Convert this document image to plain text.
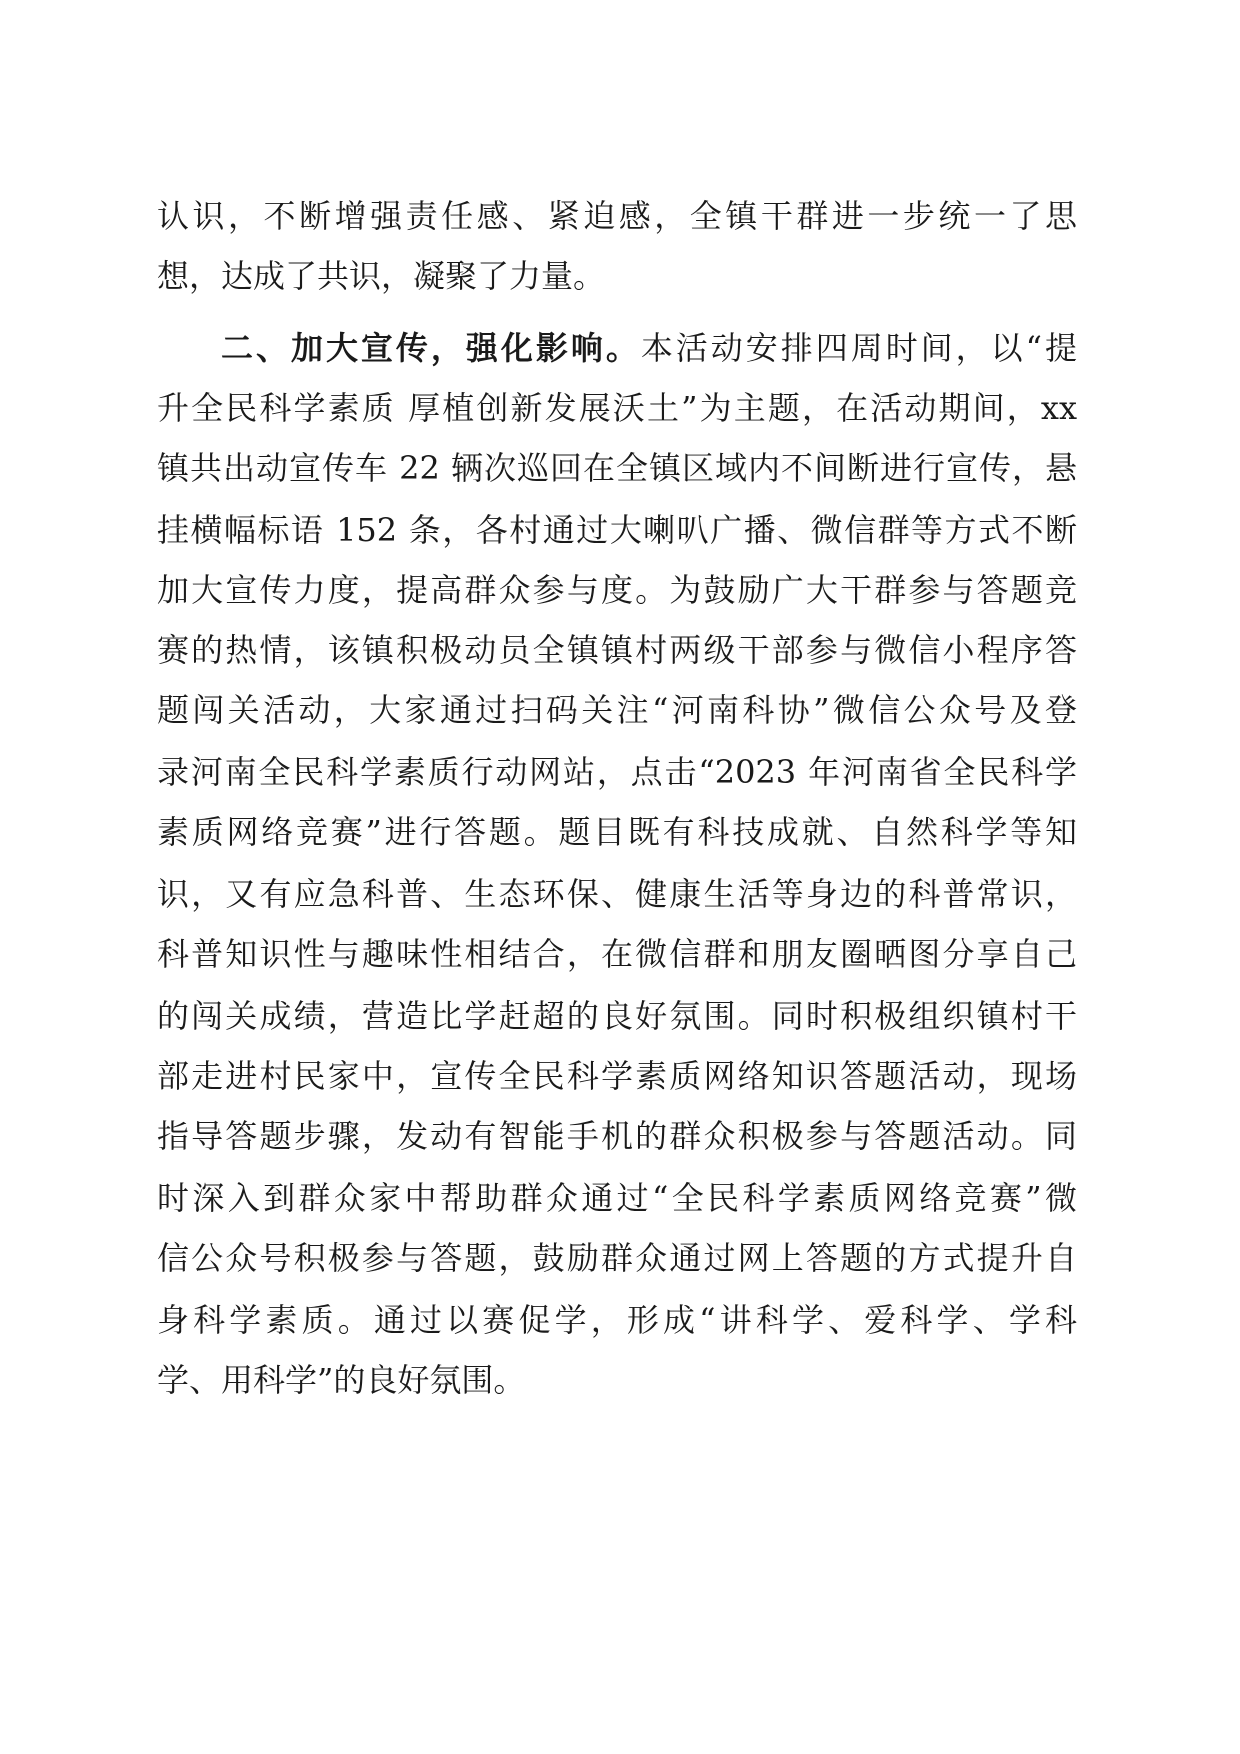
认识，不断增强责任感、紧迫感，全镇干群进一步统一了思
想，达成了共识，凝聚了力量。
二、加大宣传，强化影响。本活动安排四周时间，以“提
升全民科学素质 厚植创新发展沃土”为主题，在活动期间，xx
镇共出动宣传车 22 辆次巡回在全镇区域内不间断进行宣传，悬
挂横幅标语 152 条，各村通过大喇叭广播、微信群等方式不断
加大宣传力度，提高群众参与度。为鼓励广大干群参与答题竞
赛的热情，该镇积极动员全镇镇村两级干部参与微信小程序答
题闯关活动，大家通过扫码关注“河南科协”微信公众号及登
录河南全民科学素质行动网站，点击“2023 年河南省全民科学
素质网络竞赛”进行答题。题目既有科技成就、自然科学等知
识，又有应急科普、生态环保、健康生活等身边的科普常识，
科普知识性与趣味性相结合，在微信群和朋友圈晒图分享自己
的闯关成绩，营造比学赶超的良好氛围。同时积极组织镇村干
部走进村民家中，宣传全民科学素质网络知识答题活动，现场
指导答题步骤，发动有智能手机的群众积极参与答题活动。同
时深入到群众家中帮助群众通过“全民科学素质网络竞赛”微
信公众号积极参与答题，鼓励群众通过网上答题的方式提升自
身科学素质。通过以赛促学，形成“讲科学、爱科学、学科
学、用科学”的良好氛围。
